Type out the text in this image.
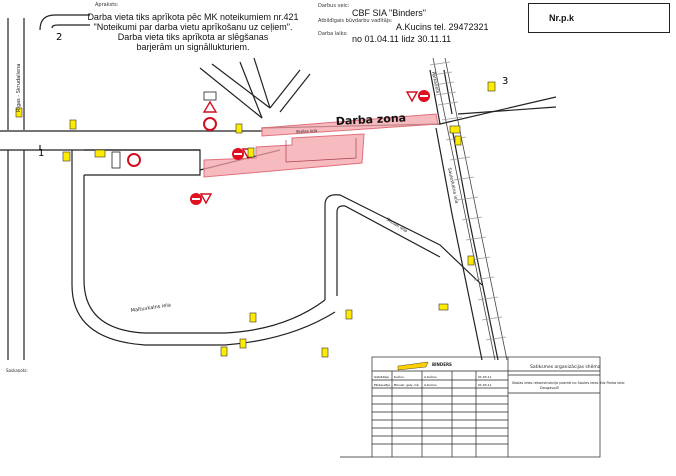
Apraksts:
Darba vieta tiks aprīkota pēc MK noteikumiem nr.421
"Noteikumi par darba vietu aprīkošanu uz ceļiem".
Darba vieta tiks aprīkota ar slēgšanas
barjerām un signāllukturiem.
Darbus veic:
CBF SIA "Binders"
Atbildīgais būvdarbu vadītājs:
A.Kucins tel. 29472321
Darba laiks: no 01.04.11 lidz 30.11.11
Nr.p.k
Darba zona
Skolas iela
Rīgas - Skrudaliena
Maltuvkalns iela
Sauleskalna iela
Skolas iela
Parka iela
1
2
3
BINDERS
Satiksmes organizācijas shēma
Skolas ielas rekonstrukcija posmā no Saules ielas līdz Parka ielai
Daugavpilī
Izstrādāja Kučins	A.Kučins	01.03.11
Pārbaudīja Būvuzr. galv. inž. A.Kucins	01.03.11
Saskaņots:
